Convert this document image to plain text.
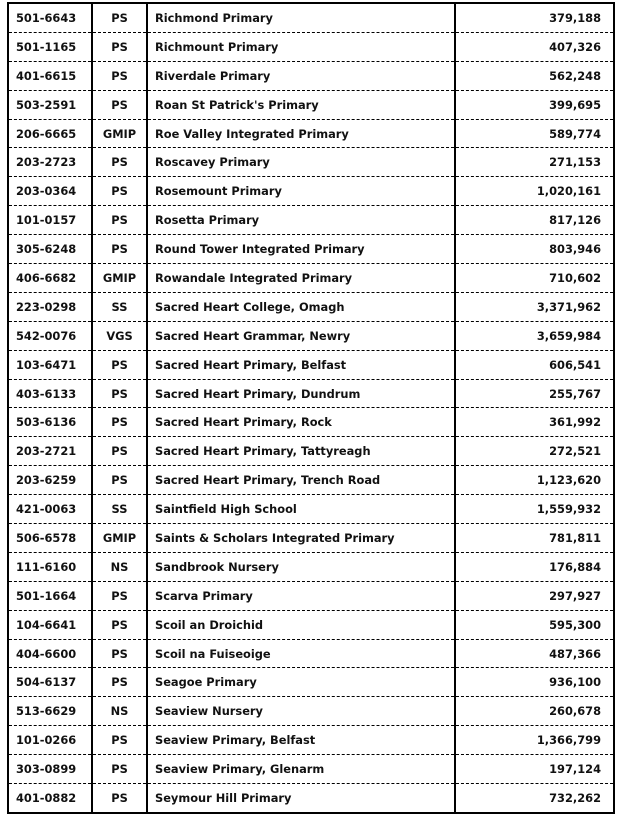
501-6643	PS	Richmond Primary	379,188
501-1165	PS	Richmount Primary	407,326
401-6615	PS	Riverdale Primary	562,248
503-2591	PS	Roan St Patrick's Primary	399,695
206-6665	GMIP	Roe Valley Integrated Primary	589,774
203-2723	PS	Roscavey Primary	271,153
203-0364	PS	Rosemount Primary	1,020,161
101-0157	PS	Rosetta Primary	817,126
305-6248	PS	Round Tower Integrated Primary	803,946
406-6682	GMIP	Rowandale Integrated Primary	710,602
223-0298	SS	Sacred Heart College, Omagh	3,371,962
542-0076	VGS	Sacred Heart Grammar, Newry	3,659,984
103-6471	PS	Sacred Heart Primary, Belfast	606,541
403-6133	PS	Sacred Heart Primary, Dundrum	255,767
503-6136	PS	Sacred Heart Primary, Rock	361,992
203-2721	PS	Sacred Heart Primary, Tattyreagh	272,521
203-6259	PS	Sacred Heart Primary, Trench Road	1,123,620
421-0063	SS	Saintfield High School	1,559,932
506-6578	GMIP	Saints & Scholars Integrated Primary	781,811
111-6160	NS	Sandbrook Nursery	176,884
501-1664	PS	Scarva Primary	297,927
104-6641	PS	Scoil an Droichid	595,300
404-6600	PS	Scoil na Fuiseoige	487,366
504-6137	PS	Seagoe Primary	936,100
513-6629	NS	Seaview Nursery	260,678
101-0266	PS	Seaview Primary, Belfast	1,366,799
303-0899	PS	Seaview Primary, Glenarm	197,124
401-0882	PS	Seymour Hill Primary	732,262
